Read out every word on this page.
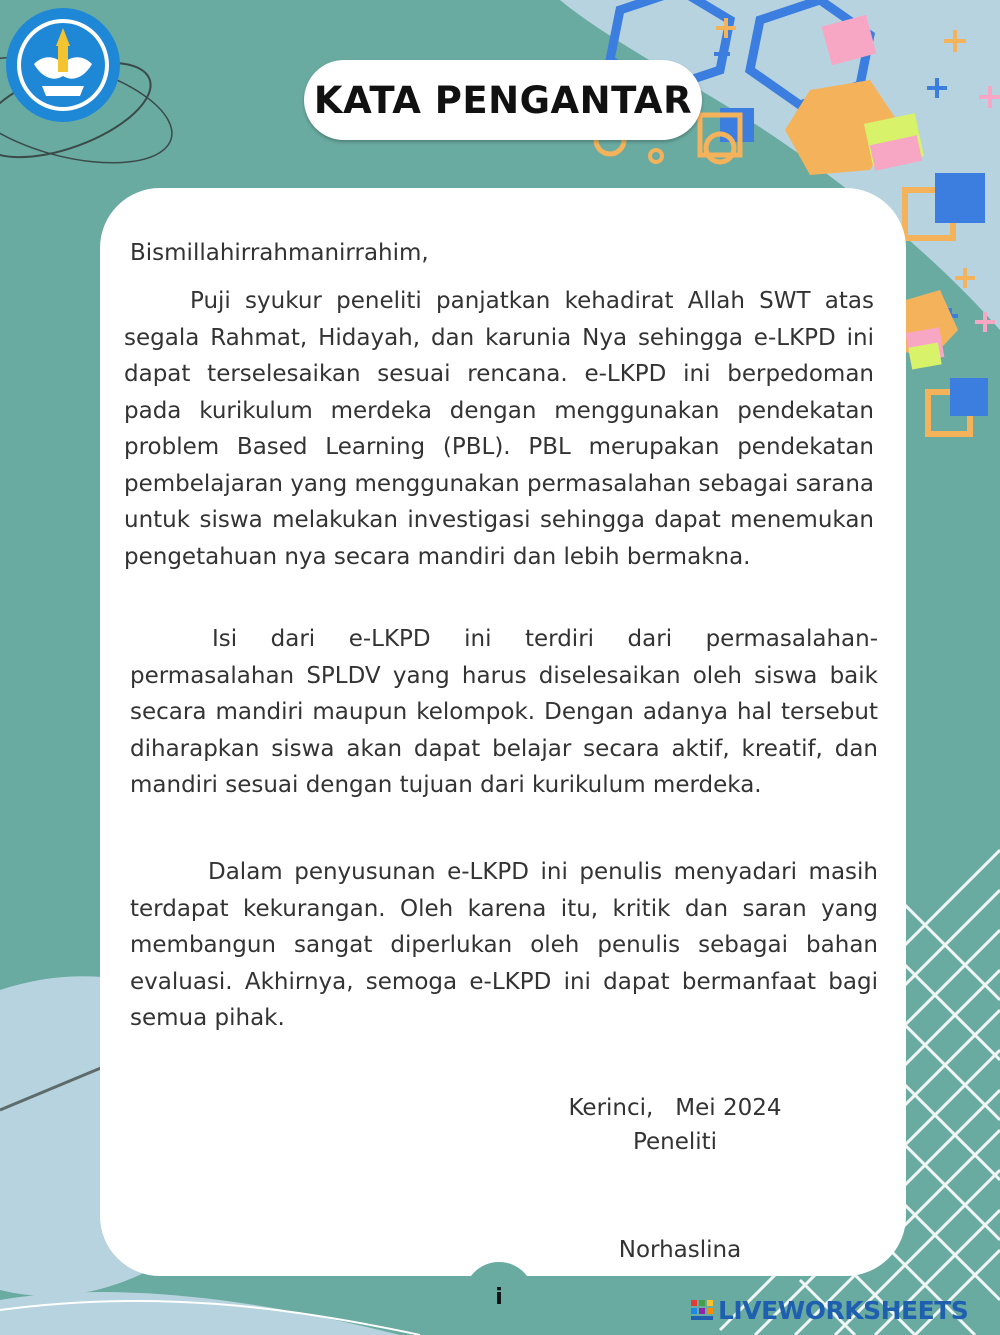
KATA PENGANTAR
Bismillahirrahmanirrahim,

Puji syukur peneliti panjatkan kehadirat Allah SWT atas segala Rahmat, Hidayah, dan karunia Nya sehingga e-LKPD ini dapat terselesaikan sesuai rencana. e-LKPD ini berpedoman pada kurikulum merdeka dengan menggunakan pendekatan problem Based Learning (PBL). PBL merupakan pendekatan pembelajaran yang menggunakan permasalahan sebagai sarana untuk siswa melakukan investigasi sehingga dapat menemukan pengetahuan nya secara mandiri dan lebih bermakna.

Isi dari e-LKPD ini terdiri dari permasalahan-permasalahan SPLDV yang harus diselesaikan oleh siswa baik secara mandiri maupun kelompok. Dengan adanya hal tersebut diharapkan siswa akan dapat belajar secara aktif, kreatif, dan mandiri sesuai dengan tujuan dari kurikulum merdeka.

Dalam penyusunan e-LKPD ini penulis menyadari masih terdapat kekurangan. Oleh karena itu, kritik dan saran yang membangun sangat diperlukan oleh penulis sebagai bahan evaluasi. Akhirnya, semoga e-LKPD ini dapat bermanfaat bagi semua pihak.

Kerinci,   Mei 2024
Peneliti
Norhaslina
i	LIVEWORKSHEETS
